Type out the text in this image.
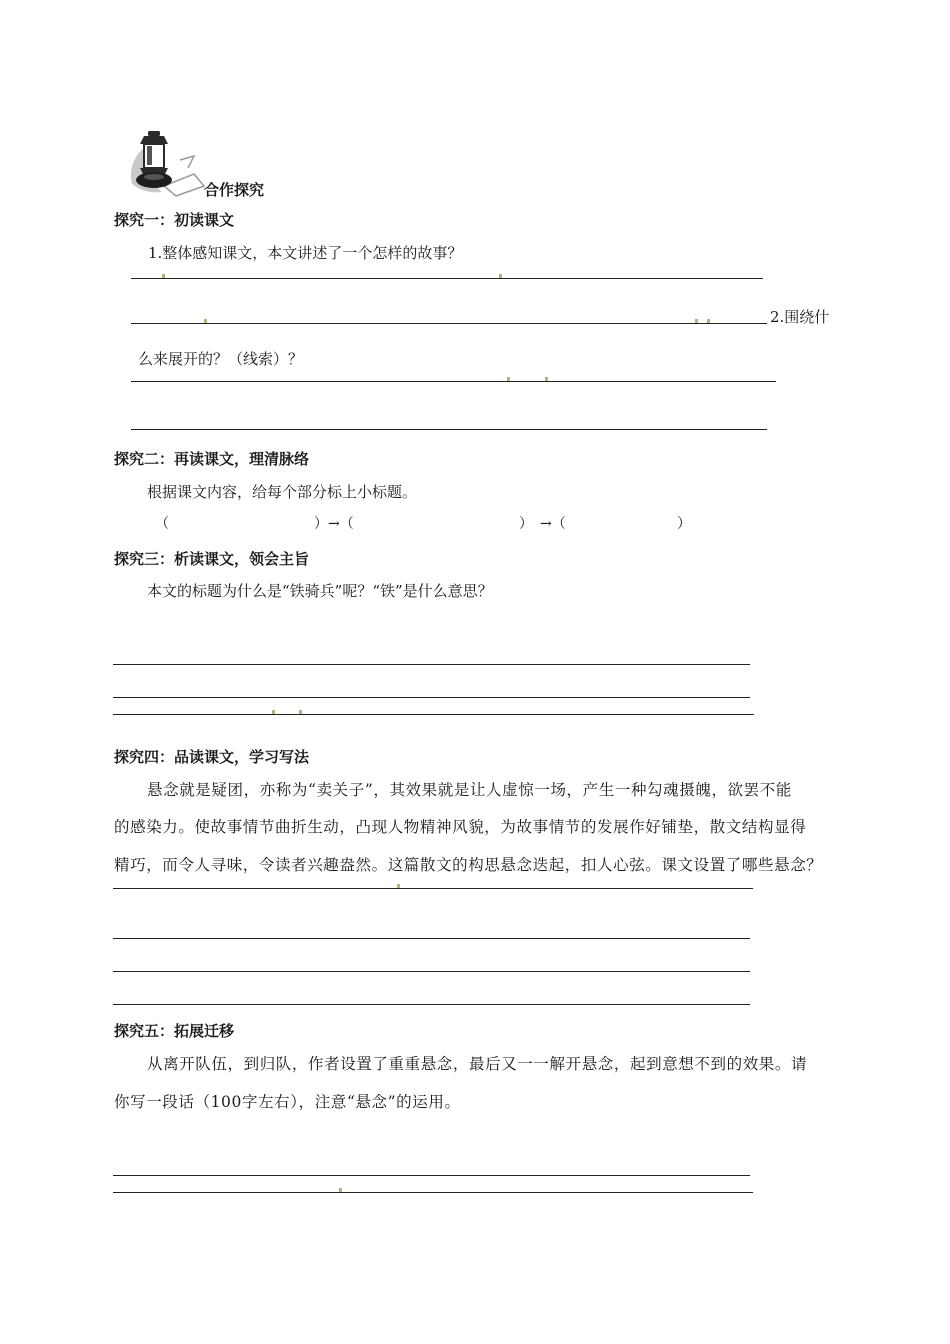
合作探究
探究一：初读课文
1.整体感知课文，本文讲述了一个怎样的故事？
2.围绕什
么来展开的？（线索）？
探究二：再读课文，理清脉络
根据课文内容，给每个部分标上小标题。
（	）→（	） →（	）
探究三：析读课文，领会主旨
本文的标题为什么是“铁骑兵”呢？“铁”是什么意思？
探究四：品读课文，学习写法
悬念就是疑团，亦称为“卖关子”，其效果就是让人虚惊一场，产生一种勾魂摄魄，欲罢不能
的感染力。使故事情节曲折生动，凸现人物精神风貌，为故事情节的发展作好铺垫，散文结构显得
精巧，而令人寻味，令读者兴趣盎然。这篇散文的构思悬念迭起，扣人心弦。课文设置了哪些悬念？
探究五：拓展迁移
从离开队伍，到归队，作者设置了重重悬念，最后又一一解开悬念，起到意想不到的效果。请
你写一段话（100字左右），注意“悬念”的运用。
